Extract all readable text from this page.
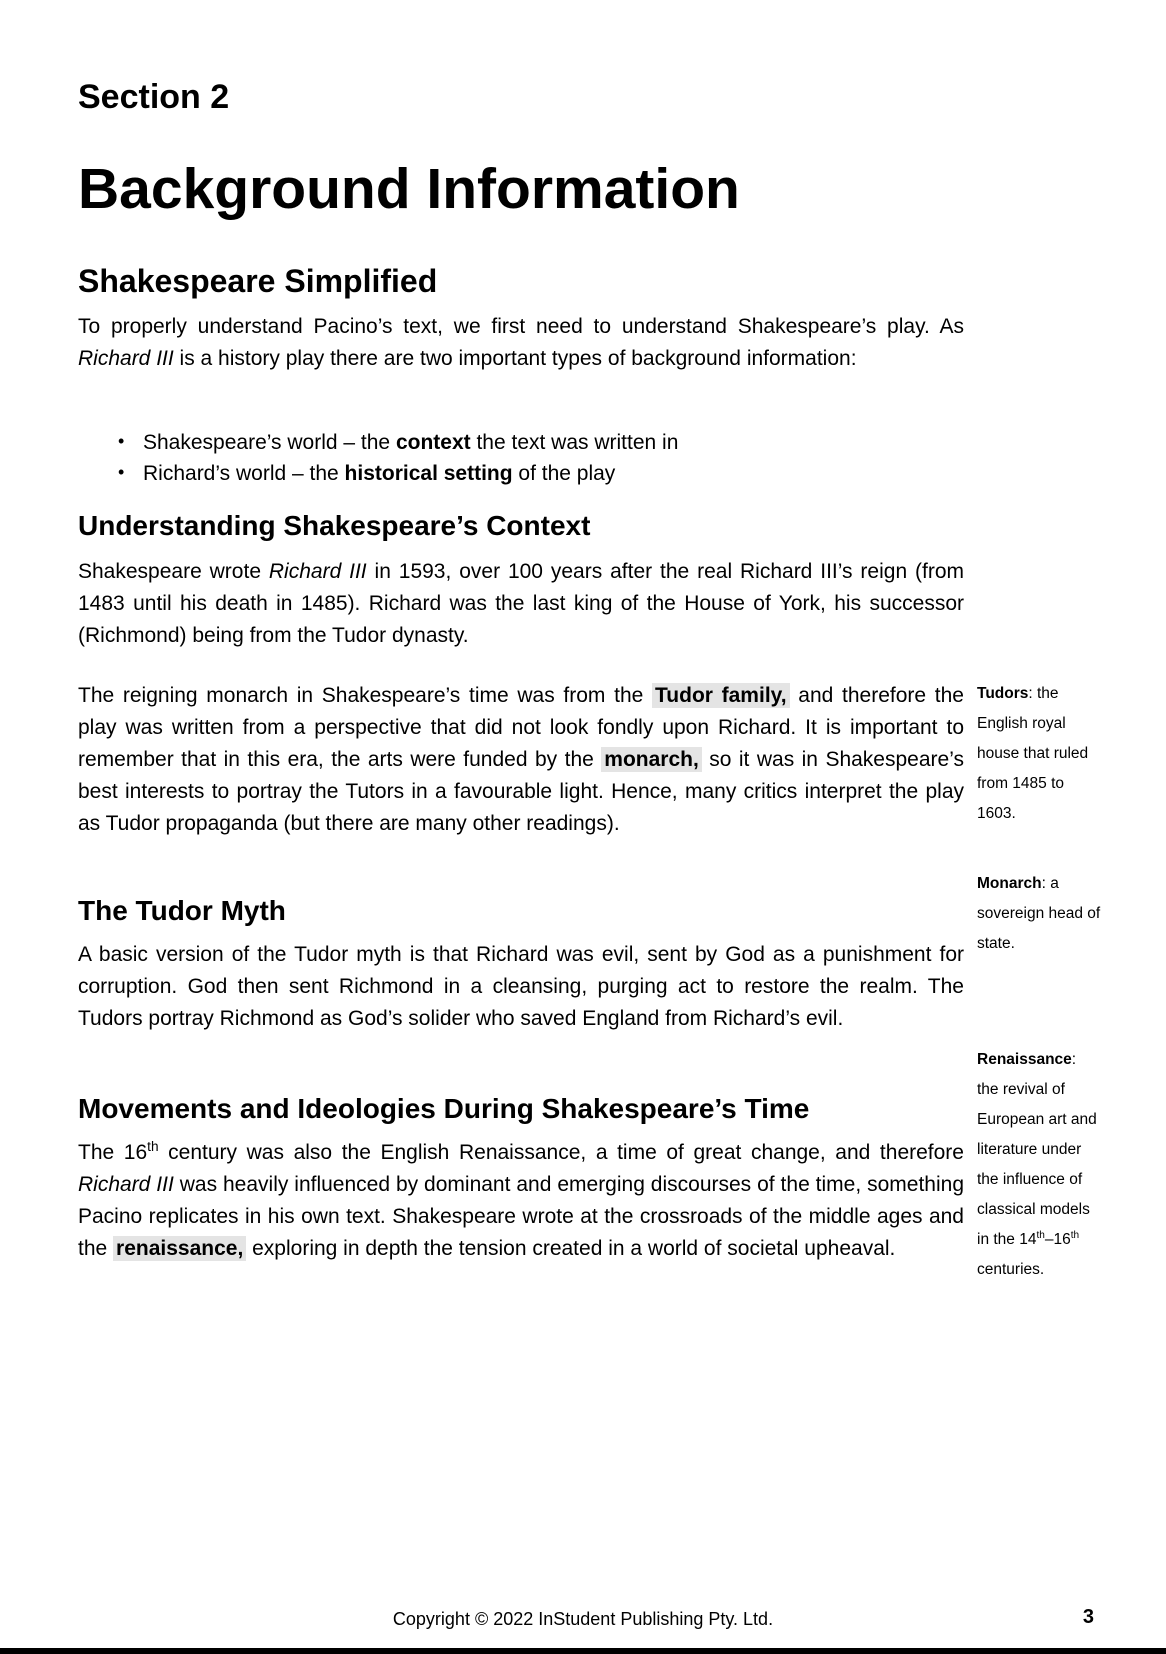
Section 2
Background Information
Shakespeare Simplified

To properly understand Pacino’s text, we first need to understand Shakespeare’s play. As Richard III is a history play there are two important types of background information:

• Shakespeare’s world – the context the text was written in
• Richard’s world – the historical setting of the play
Understanding Shakespeare’s Context

Shakespeare wrote Richard III in 1593, over 100 years after the real Richard III’s reign (from 1483 until his death in 1485). Richard was the last king of the House of York, his successor (Richmond) being from the Tudor dynasty.

The reigning monarch in Shakespeare’s time was from the Tudor family, and therefore the play was written from a perspective that did not look fondly upon Richard. It is important to remember that in this era, the arts were funded by the monarch, so it was in Shakespeare’s best interests to portray the Tutors in a favourable light. Hence, many critics interpret the play as Tudor propaganda (but there are many other readings).

The Tudor Myth

A basic version of the Tudor myth is that Richard was evil, sent by God as a punishment for corruption. God then sent Richmond in a cleansing, purging act to restore the realm. The Tudors portray Richmond as God’s solider who saved England from Richard’s evil.

Movements and Ideologies During Shakespeare’s Time

The 16th century was also the English Renaissance, a time of great change, and therefore Richard III was heavily influenced by dominant and emerging discourses of the time, something Pacino replicates in his own text. Shakespeare wrote at the crossroads of the middle ages and the renaissance, exploring in depth the tension created in a world of societal upheaval.

Tudors: the English royal house that ruled from 1485 to 1603.
Monarch: a sovereign head of state.
Renaissance: the revival of European art and literature under the influence of classical models in the 14th–16th centuries.
Copyright © 2022 InStudent Publishing Pty. Ltd.	3
